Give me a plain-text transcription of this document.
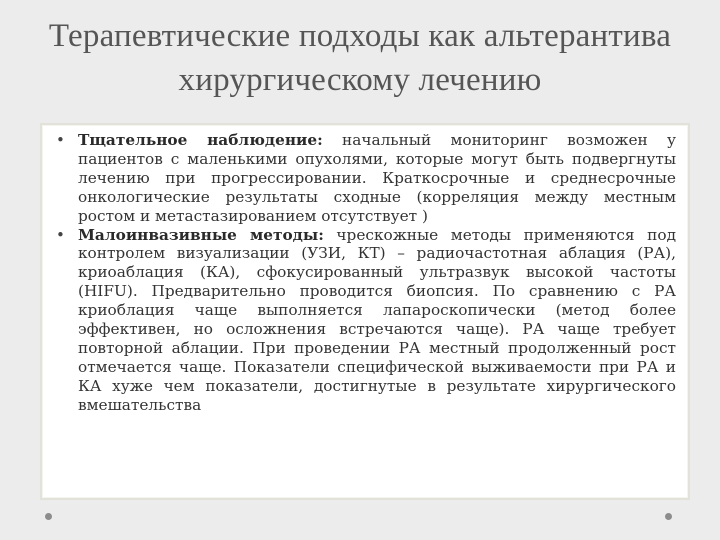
Терапевтические подходы как альтерантива хирургическому лечению
• Тщательное наблюдение: начальный мониторинг возможен у пациентов с маленькими опухолями, которые могут быть подвергнуты лечению при прогрессировании. Краткосрочные и среднесрочные онкологические результаты сходные (корреляция между местным ростом и метастазированием отсутствует )
• Малоинвазивные методы: чрескожные методы применяются под контролем визуализации (УЗИ, КТ) – радиочастотная аблация (РА), криоаблация (КА), сфокусированный ультразвук высокой частоты (HIFU). Предварительно проводится биопсия. По сравнению с РА криоблация чаще выполняется лапароскопически (метод более эффективен, но осложнения встречаются чаще). РА чаще требует повторной аблации. При проведении РА местный продолженный рост отмечается чаще. Показатели специфической выживаемости при РА и КА хуже чем показатели, достигнутые в результате хирургического вмешательства
